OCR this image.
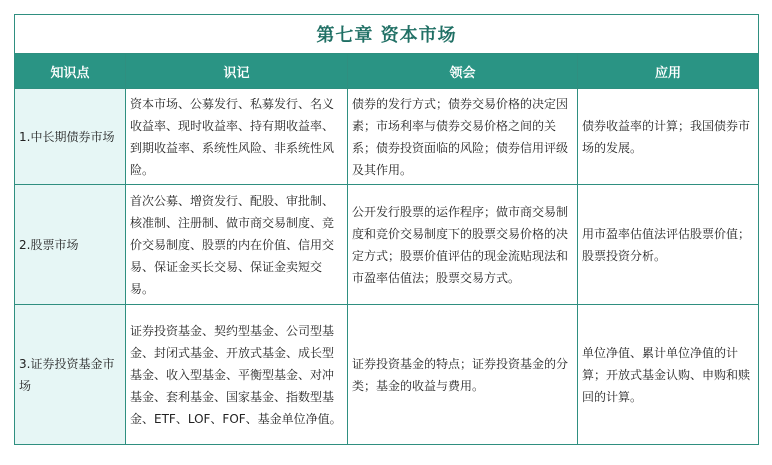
第七章 资本市场			
知识点	识记	领会	应用
1.中长期债券市场	资本市场、公募发行、私募发行、名义收益率、现时收益率、持有期收益率、到期收益率、系统性风险、非系统性风险。	债券的发行方式；债券交易价格的决定因素；市场利率与债券交易价格之间的关系；债券投资面临的风险；债券信用评级及其作用。	债券收益率的计算；我国债券市场的发展。
2.股票市场	首次公募、增资发行、配股、审批制、核准制、注册制、做市商交易制度、竞价交易制度、股票的内在价值、信用交易、保证金买长交易、保证金卖短交易。	公开发行股票的运作程序；做市商交易制度和竞价交易制度下的股票交易价格的决定方式；股票价值评估的现金流贴现法和市盈率估值法；股票交易方式。	用市盈率估值法评估股票价值；股票投资分析。
3.证券投资基金市场	证券投资基金、契约型基金、公司型基金、封闭式基金、开放式基金、成长型基金、收入型基金、平衡型基金、对冲基金、套利基金、国家基金、指数型基金、ETF、LOF、FOF、基金单位净值。	证券投资基金的特点；证券投资基金的分类；基金的收益与费用。	单位净值、累计单位净值的计算；开放式基金认购、申购和赎回的计算。
